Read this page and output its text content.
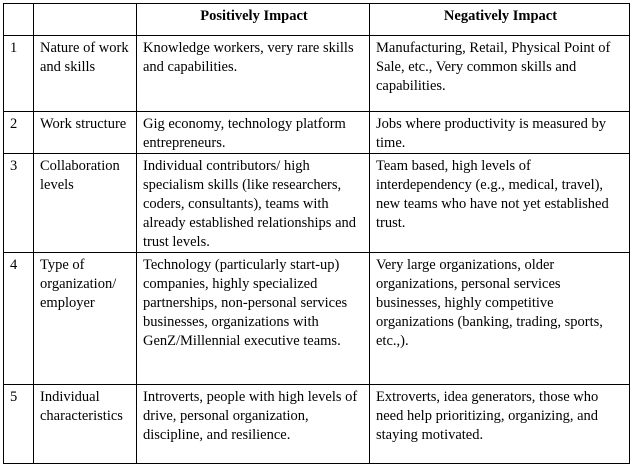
		Positively Impact	Negatively Impact
1	Nature of work and skills	Knowledge workers, very rare skills and capabilities.	Manufacturing, Retail, Physical Point of Sale, etc., Very common skills and capabilities.
2	Work structure	Gig economy, technology platform entrepreneurs.	Jobs where productivity is measured by time.
3	Collaboration levels	Individual contributors/ high specialism skills (like researchers, coders, consultants), teams with already established relationships and trust levels.	Team based, high levels of interdependency (e.g., medical, travel), new teams who have not yet established trust.
4	Type of organization/ employer	Technology (particularly start-up) companies, highly specialized partnerships, non-personal services businesses, organizations with GenZ/Millennial executive teams.	Very large organizations, older organizations, personal services businesses, highly competitive organizations (banking, trading, sports, etc.,).
5	Individual characteristics	Introverts, people with high levels of drive, personal organization, discipline, and resilience.	Extroverts, idea generators, those who need help prioritizing, organizing, and staying motivated.
